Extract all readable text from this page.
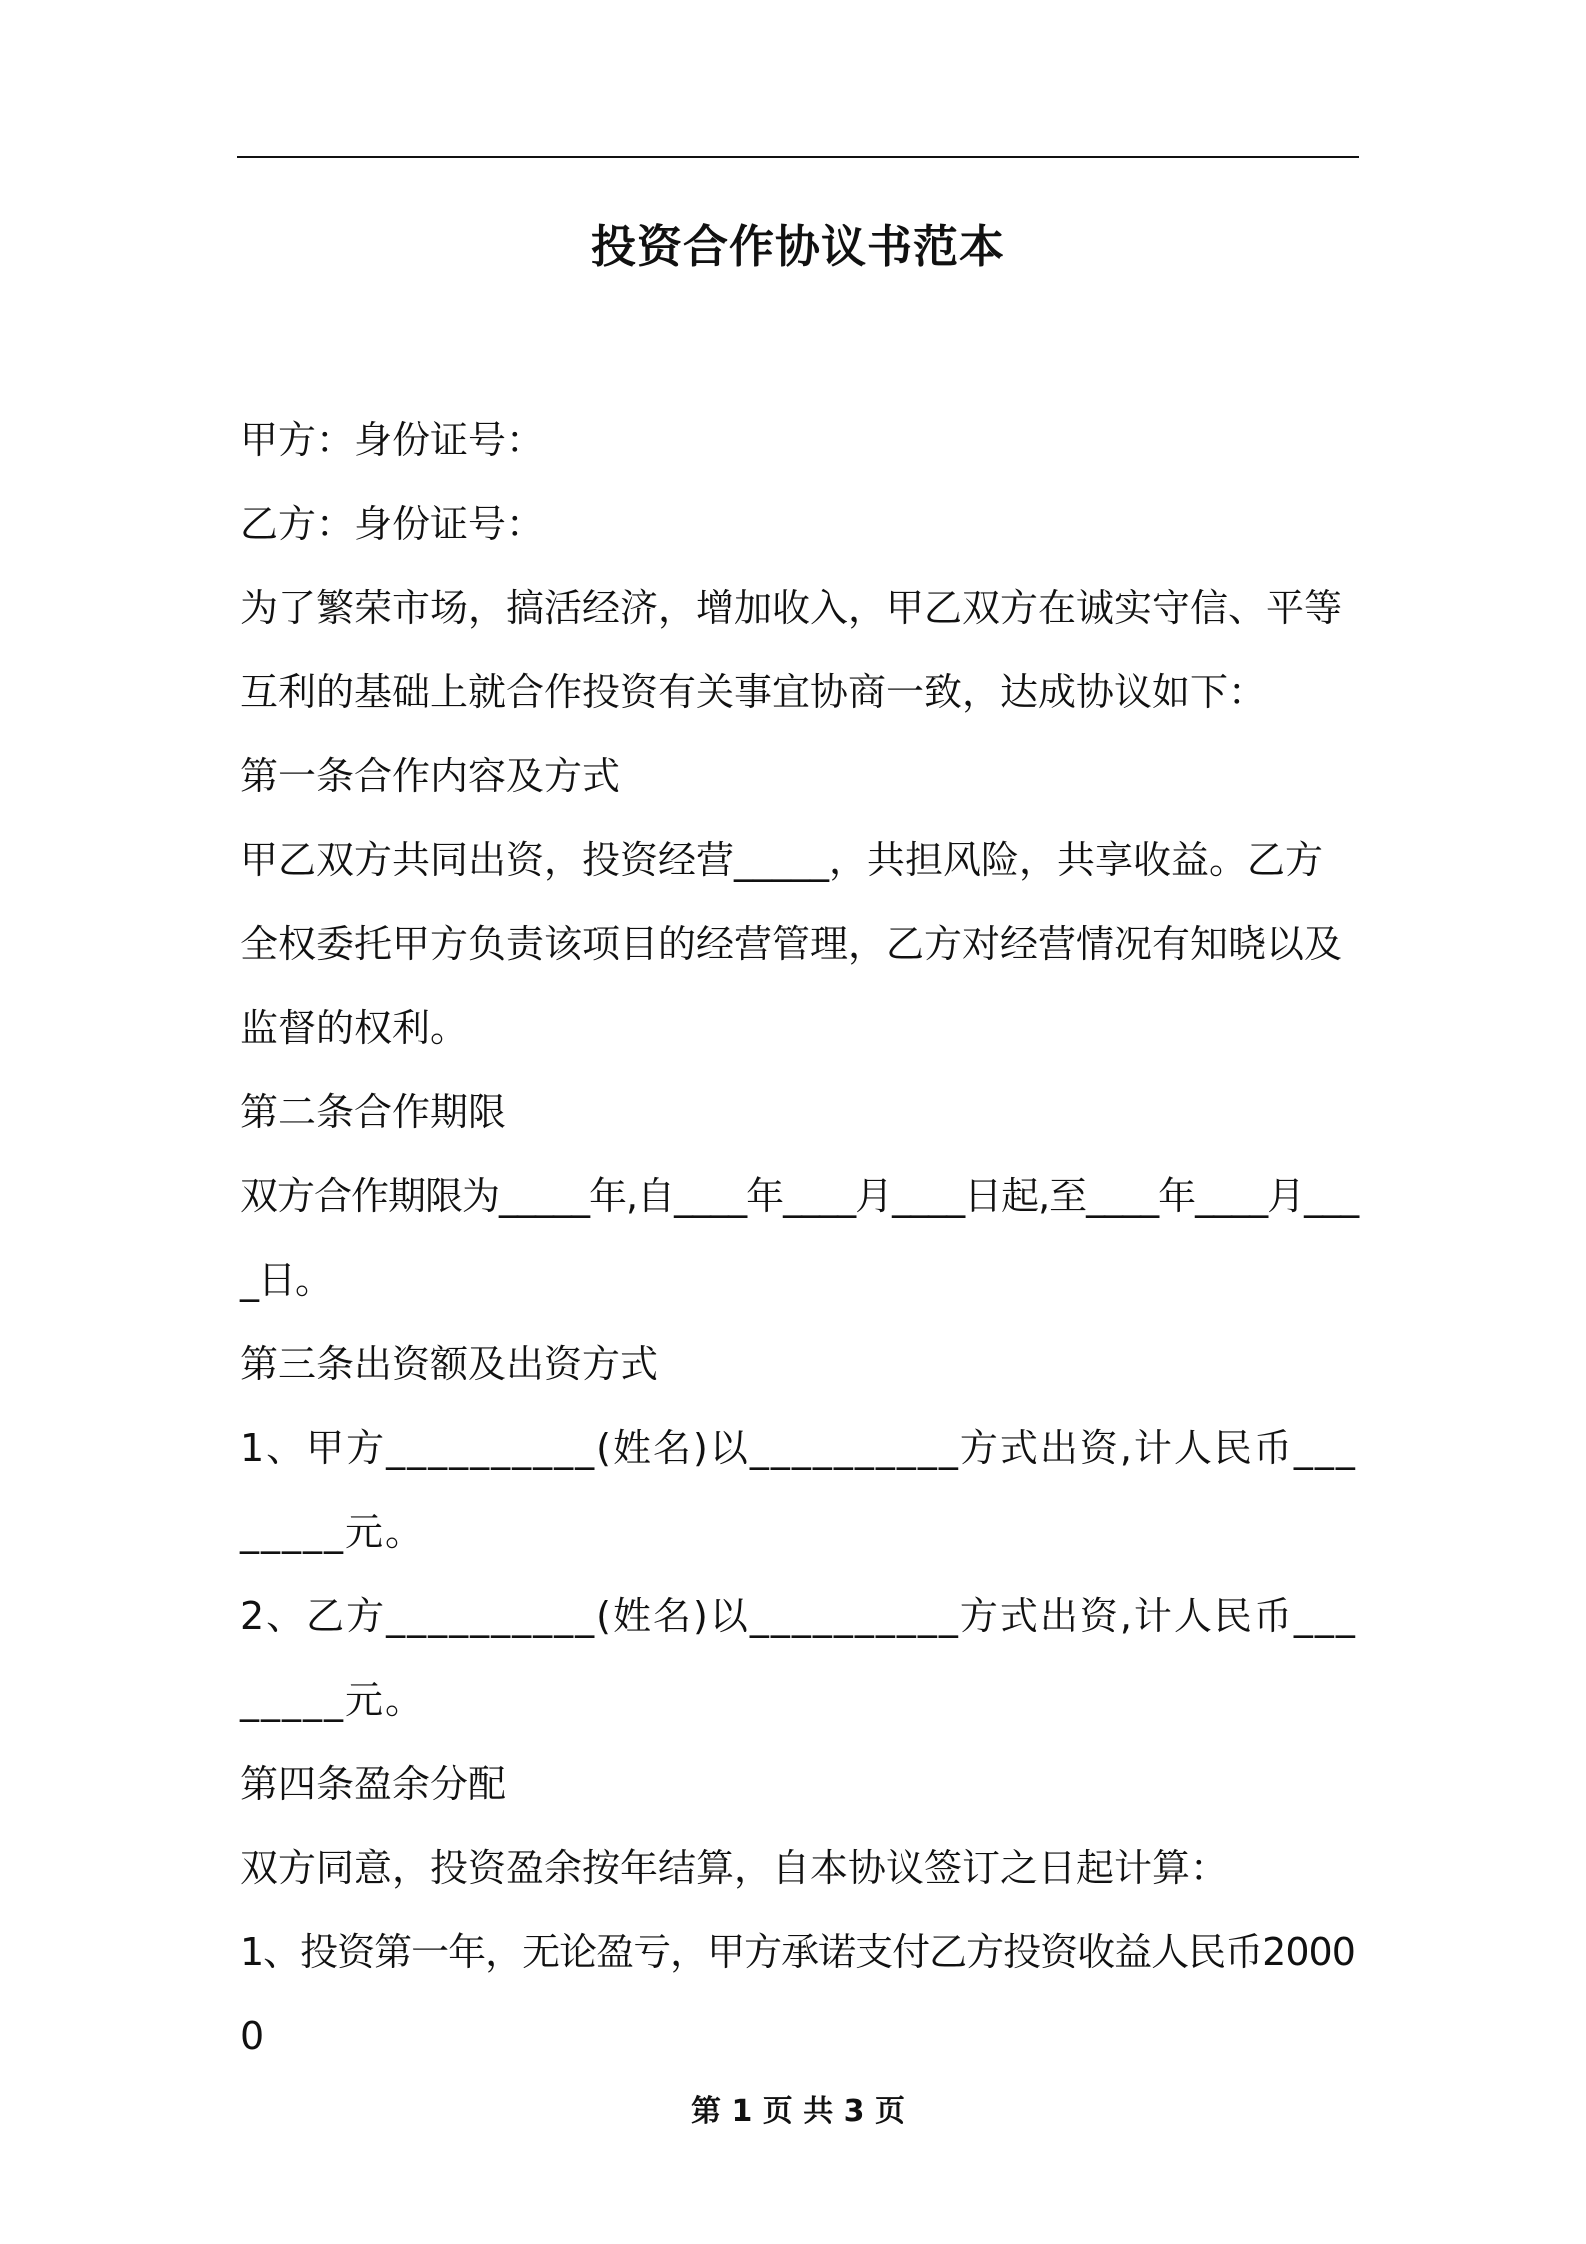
投资合作协议书范本

甲方：身份证号：

乙方：身份证号：

为了繁荣市场，搞活经济，增加收入，甲乙双方在诚实守信、平等互利的基础上就合作投资有关事宜协商一致，达成协议如下：

第一条合作内容及方式

甲乙双方共同出资，投资经营_____，共担风险，共享收益。乙方全权委托甲方负责该项目的经营管理，乙方对经营情况有知晓以及监督的权利。

第二条合作期限

双方合作期限为_____年,自____年____月____日起,至____年____月____日。

第三条出资额及出资方式

1、甲方__________(姓名)以__________方式出资,计人民币________元。

2、乙方__________(姓名)以__________方式出资,计人民币________元。

第四条盈余分配

双方同意，投资盈余按年结算，自本协议签订之日起计算：

1、投资第一年，无论盈亏，甲方承诺支付乙方投资收益人民币20000

第 1 页 共 3 页
